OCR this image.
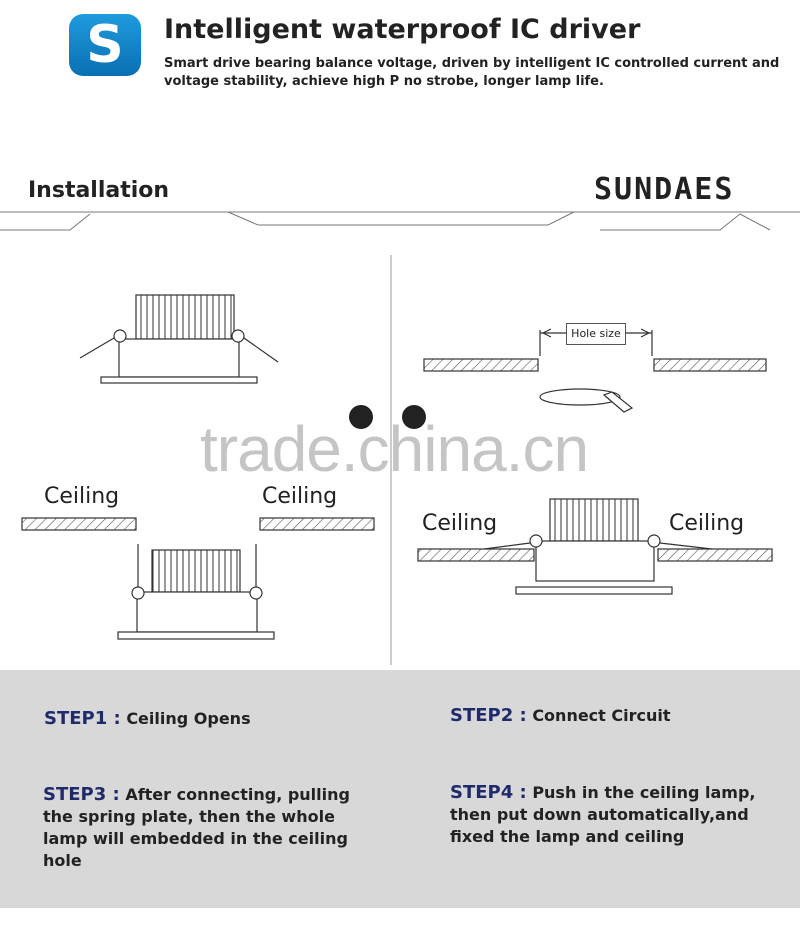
S	Intelligent waterproof IC driver
Smart drive bearing balance voltage, driven by intelligent IC controlled current and voltage stability, achieve high P no strobe, longer lamp life.
Installation	SUNDAES
Hole size
Ceiling	Ceiling
Ceiling	Ceiling
trade.china.cn
STEP1 : Ceiling Opens	STEP2 : Connect Circuit
STEP3 : After connecting, pulling the spring plate, then the whole lamp will embedded in the ceiling hole
STEP4 : Push in the ceiling lamp, then put down automatically,and fixed the lamp and ceiling
